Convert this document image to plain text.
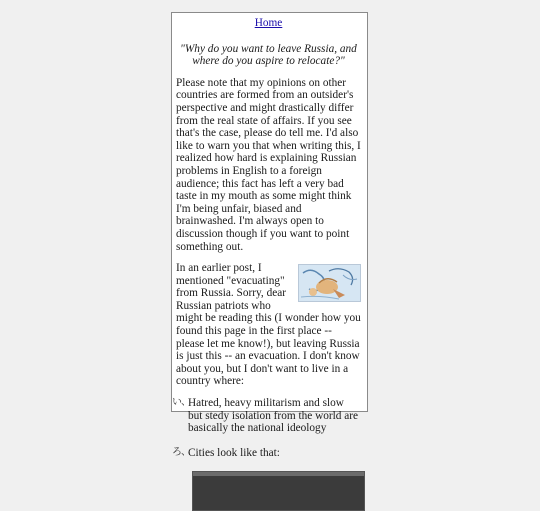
Home
"Why do you want to leave Russia, and where do you aspire to relocate?"

Please note that my opinions on other countries are formed from an outsider's perspective and might drastically differ from the real state of affairs. If you see that's the case, please do tell me. I'd also like to warn you that when writing this, I realized how hard is explaining Russian problems in English to a foreign audience; this fact has left a very bad taste in my mouth as some might think I'm being unfair, biased and brainwashed. I'm always open to discussion though if you want to point something out.

In an earlier post, I mentioned "evacuating" from Russia. Sorry, dear Russian patriots who might be reading this (I wonder how you found this page in the first place -- please let me know!), but leaving Russia is just this -- an evacuation. I don't know about you, but I don't want to live in a country where:

い、
Hatred, heavy militarism and slow but stedy isolation from the world are basically the national ideology
ろ、
Cities look like that:
